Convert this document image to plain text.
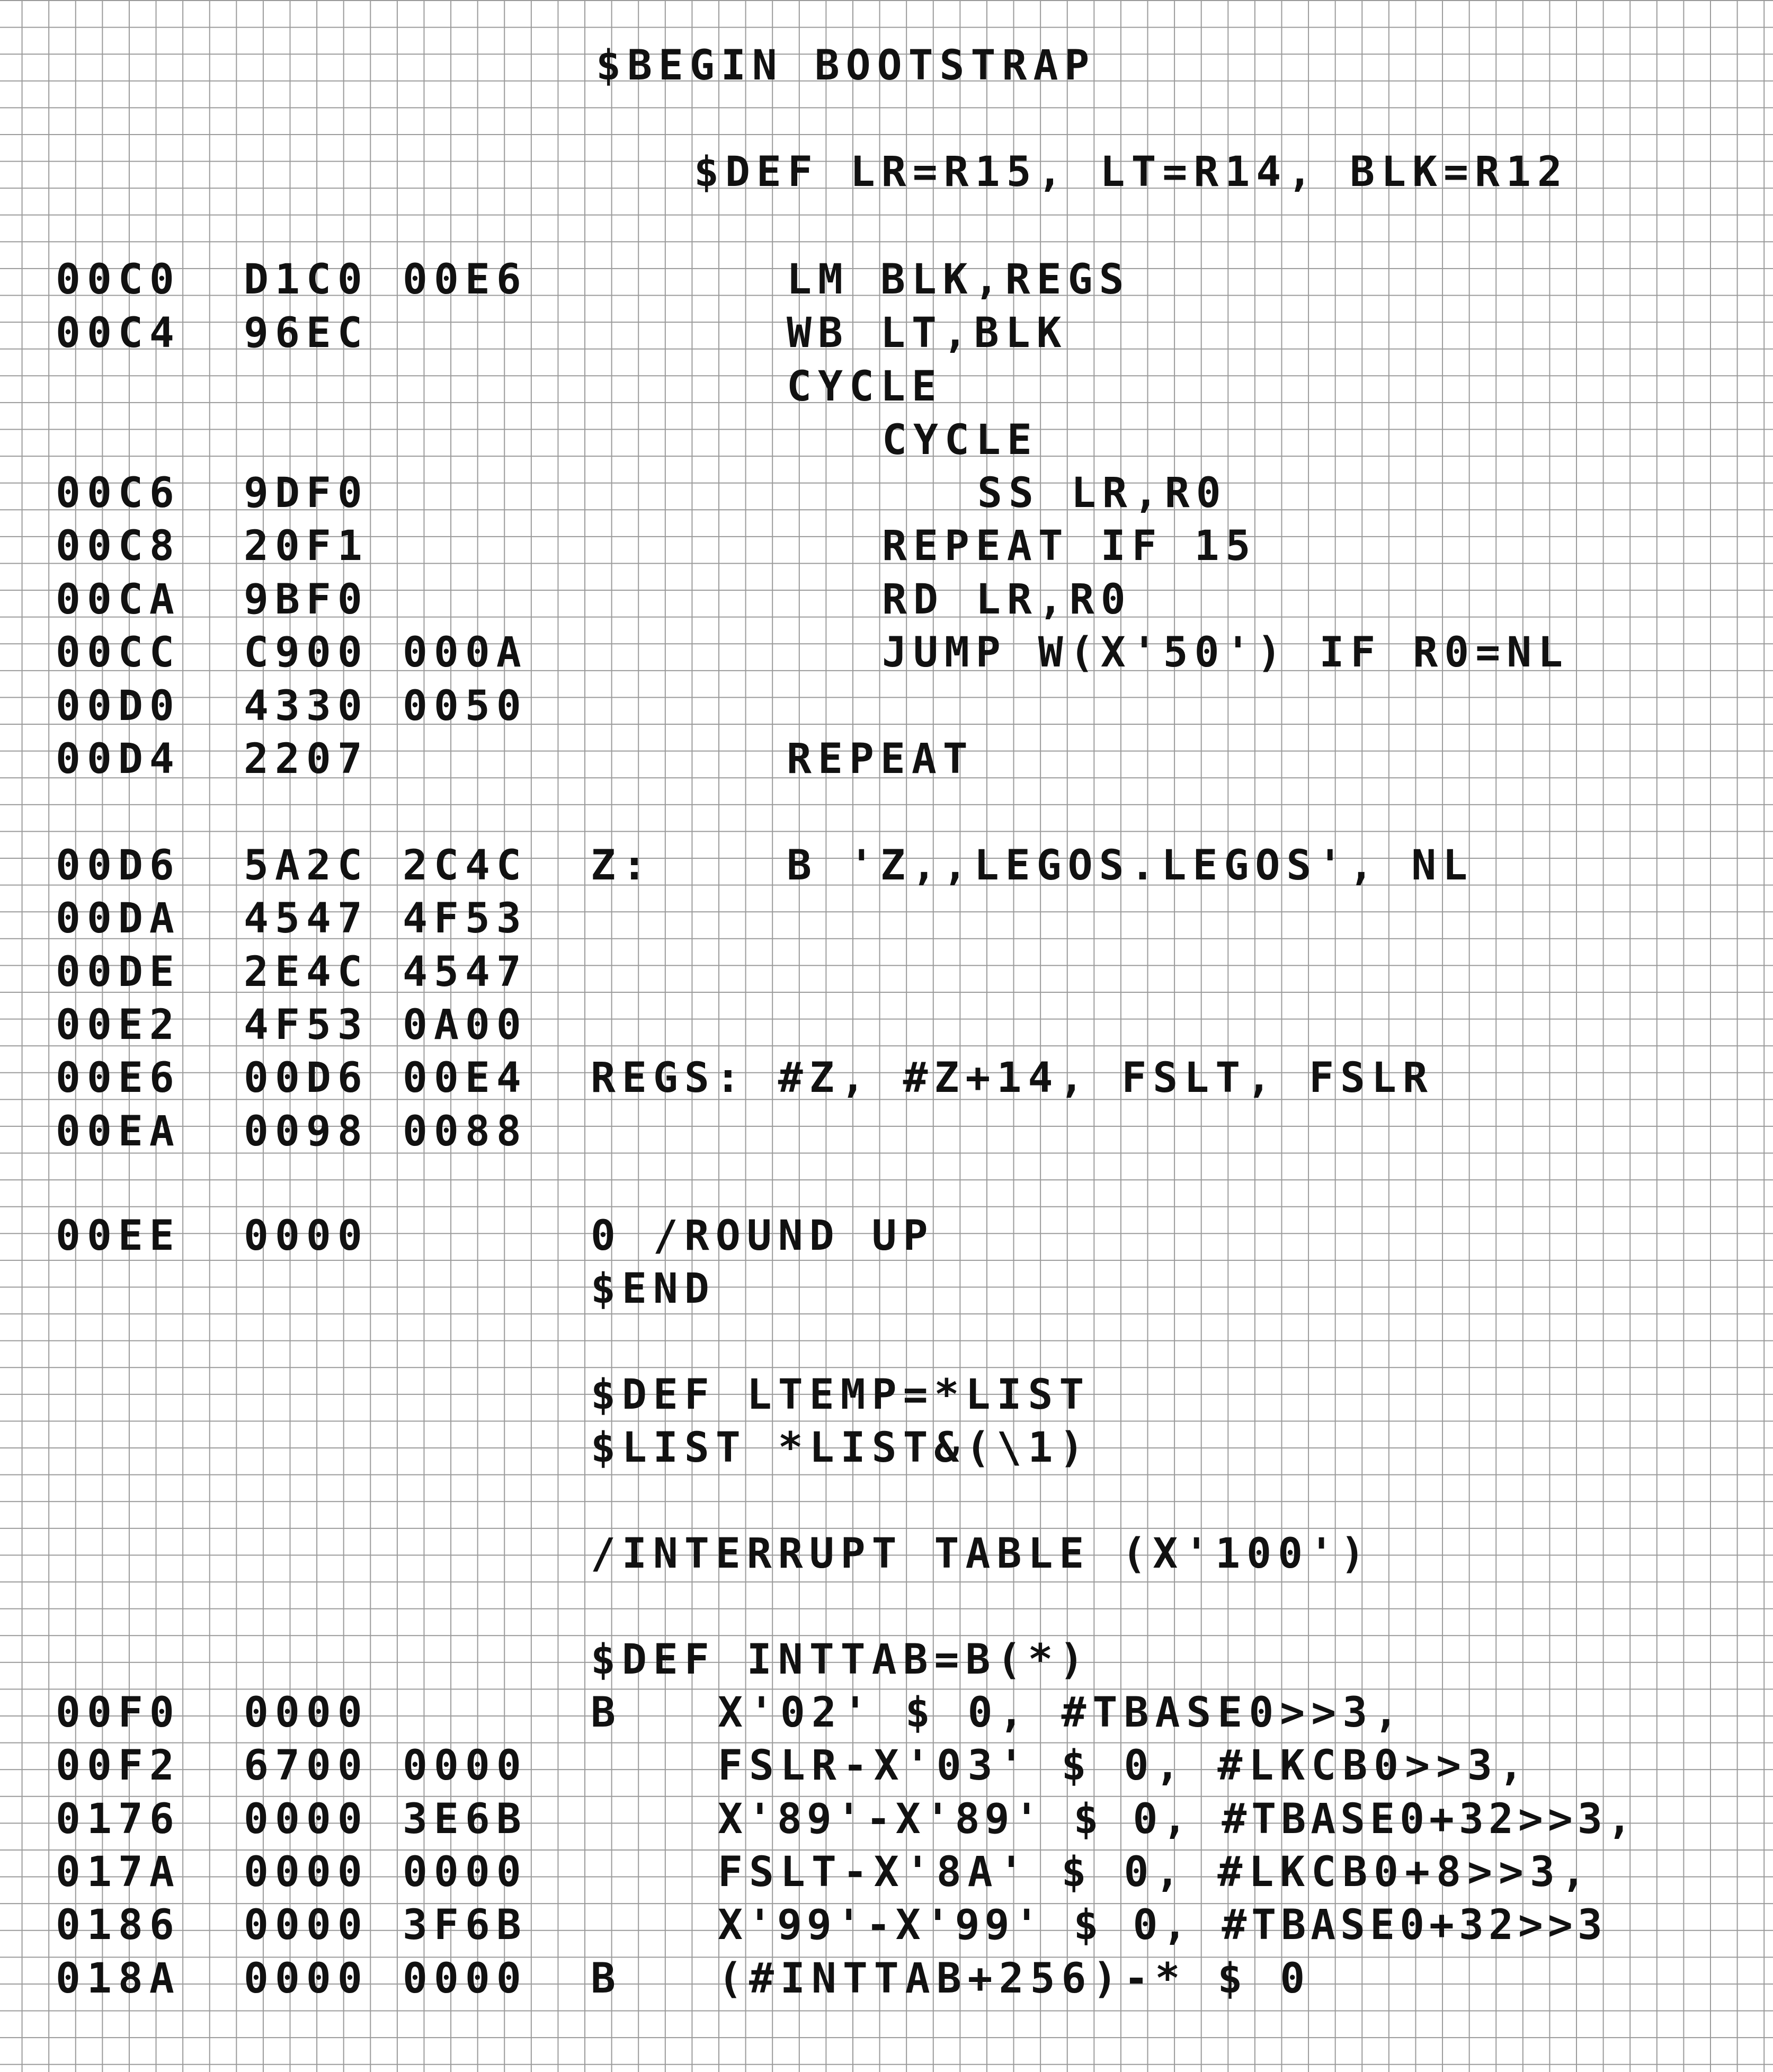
$BEGIN BOOTSTRAP
$DEF LR=R15, LT=R14, BLK=R12
00C0 D1C0 00E6	LM BLK,REGS
00C4 96EC	WB LT,BLK
CYCLE
CYCLE
00C6 9DF0	SS LR,R0
00C8 20F1	REPEAT IF 15
00CA 9BF0	RD LR,R0
00CC C900 000A	JUMP W(X'50') IF R0=NL
00D0 4330 0050
00D4 2207	REPEAT
00D6 5A2C 2C4C Z:	B 'Z,,LEGOS.LEGOS', NL
00DA 4547 4F53
00DE 2E4C 4547
00E2 4F53 0A00
00E6 00D6 00E4 REGS: #Z, #Z+14, FSLT, FSLR
00EA 0098 0088
00EE 0000	0 /ROUND UP
$END
$DEF LTEMP=*LIST
$LIST *LIST&(\1)
/INTERRUPT TABLE (X'100')
$DEF INTTAB=B(*)
00F0 0000	B X'02' $ 0, #TBASE0>>3,
00F2 6700 0000	FSLR-X'03' $ 0, #LKCB0>>3,
0176 0000 3E6B	X'89'-X'89' $ 0, #TBASE0+32>>3,
017A 0000 0000	FSLT-X'8A' $ 0, #LKCB0+8>>3,
0186 0000 3F6B	X'99'-X'99' $ 0, #TBASE0+32>>3
018A 0000 0000 B (#INTTAB+256)-* $ 0
